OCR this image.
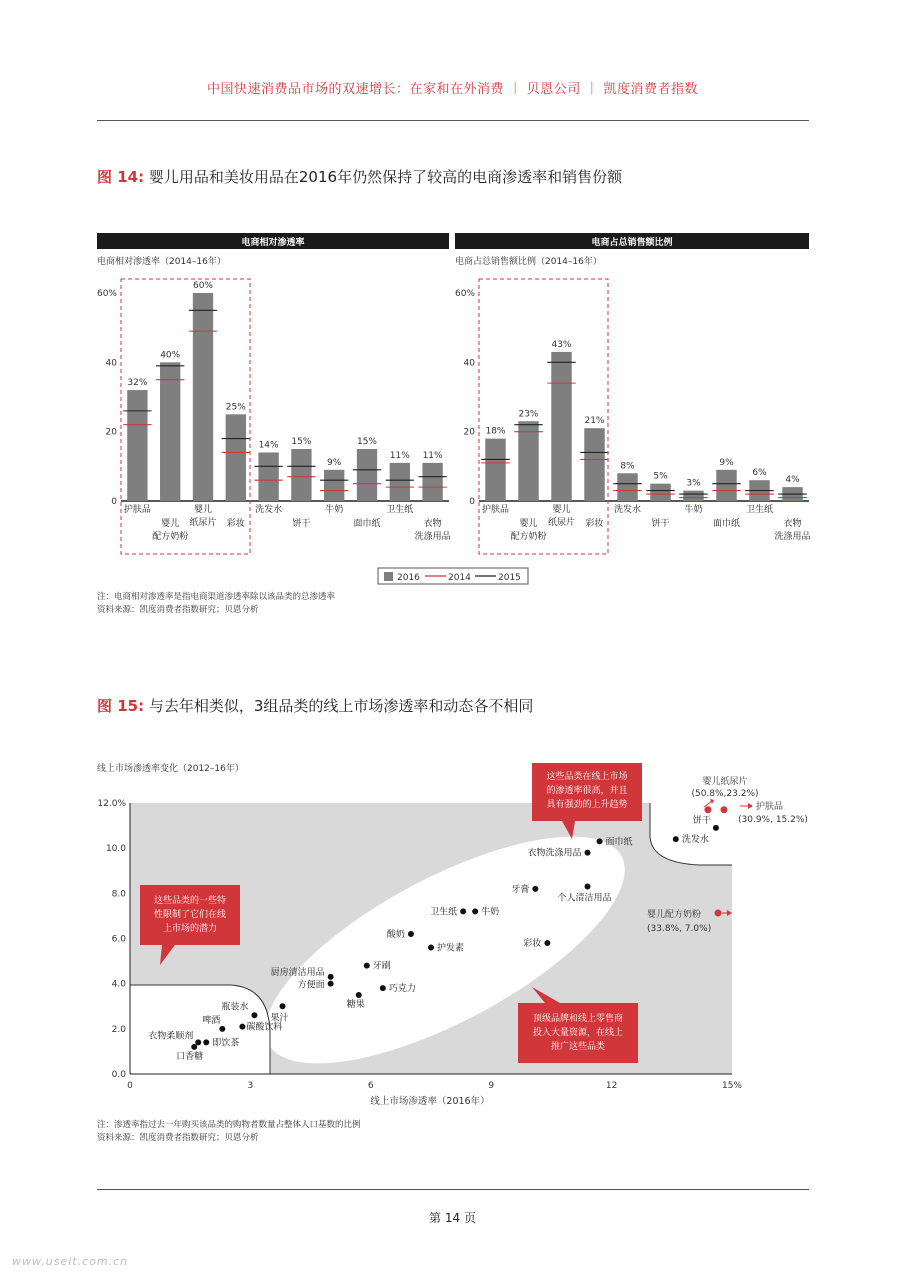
中国快速消费品市场的双速增长：在家和在外消费 ｜ 贝恩公司 ｜ 凯度消费者指数
图 14: 婴儿用品和美妆用品在2016年仍然保持了较高的电商渗透率和销售份额
电商相对渗透率	电商占总销售额比例
电商相对渗透率（2014–16年）	电商占总销售额比例（2014–16年）
0
20
40
60%
32%
护肤品
40%
婴儿
配方奶粉
60%
婴儿
纸尿片
25%
彩妆
14%
洗发水
15%
饼干
9%
牛奶
15%
面巾纸
11%
卫生纸
11%
衣物
洗涤用品
0
20
40
60%
18%
护肤品
23%
婴儿
配方奶粉
43%
婴儿
纸尿片
21%
彩妆
8%
洗发水
5%
饼干
3%
牛奶
9%
面巾纸
6%
卫生纸
4%
衣物
洗涤用品
2016	2014	2015
注：电商相对渗透率是指电商渠道渗透率除以该品类的总渗透率
资料来源：凯度消费者指数研究；贝恩分析
图 15: 与去年相类似，3组品类的线上市场渗透率和动态各不相同
线上市场渗透率变化（2012–16年）
0	3	6	9	12	15%
0.0
2.0
4.0
6.0
8.0
10.0
12.0%
口香糖
衣物柔顺剂
即饮茶
啤酒
碳酸饮料
瓶装水
果汁
厨房清洁用品
方便面
糖果
牙刷
巧克力
酸奶
护发素
卫生纸	牛奶
牙膏
个人清洁用品
彩妆
衣物洗涤用品
面巾纸
饼干
洗发水
线上市场渗透率（2016年）
这些品类在线上市场
的渗透率很高，并且
具有强劲的上升趋势
这些品类的一些特
性限制了它们在线
上市场的潜力
顶级品牌和线上零售商
投入大量资源，在线上
推广这些品类
婴儿纸尿片
(50.8%,23.2%)
护肤品
(30.9%, 15.2%)
婴儿配方奶粉
(33.8%, 7.0%)
注：渗透率指过去一年购买该品类的购物者数量占整体人口基数的比例
资料来源：凯度消费者指数研究；贝恩分析
第 14 页
www.useit.com.cn
